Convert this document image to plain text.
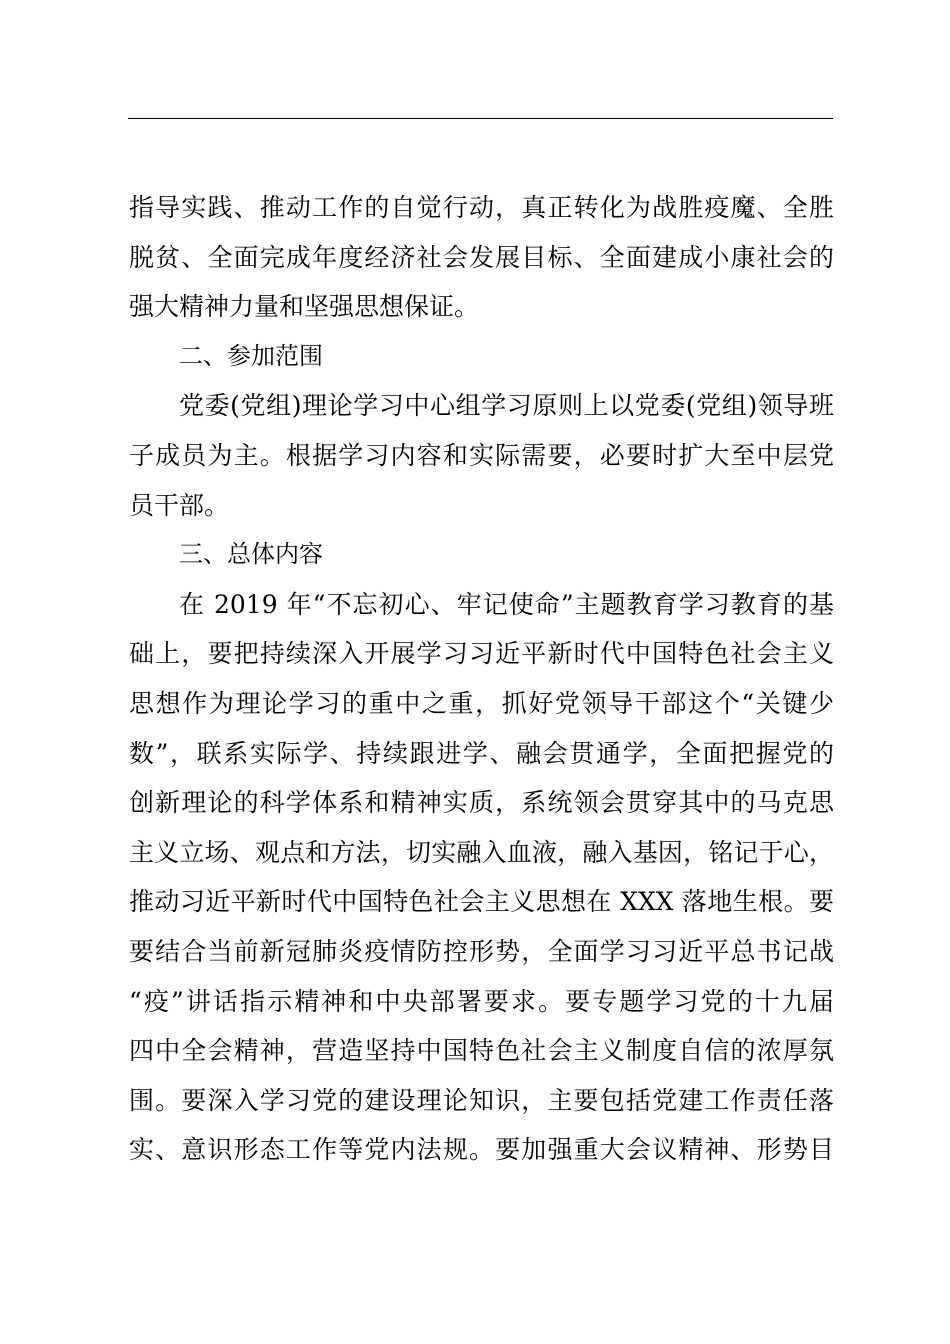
指导实践、推动工作的自觉行动，真正转化为战胜疫魔、全胜
脱贫、全面完成年度经济社会发展目标、全面建成小康社会的
强大精神力量和坚强思想保证。
二、参加范围
党委(党组)理论学习中心组学习原则上以党委(党组)领导班
子成员为主。根据学习内容和实际需要，必要时扩大至中层党
员干部。
三、总体内容
在 2019 年“不忘初心、牢记使命”主题教育学习教育的基
础上，要把持续深入开展学习习近平新时代中国特色社会主义
思想作为理论学习的重中之重，抓好党领导干部这个“关键少
数”，联系实际学、持续跟进学、融会贯通学，全面把握党的
创新理论的科学体系和精神实质，系统领会贯穿其中的马克思
主义立场、观点和方法，切实融入血液，融入基因，铭记于心，
推动习近平新时代中国特色社会主义思想在 XXX 落地生根。要
要结合当前新冠肺炎疫情防控形势，全面学习习近平总书记战
“疫”讲话指示精神和中央部署要求。要专题学习党的十九届
四中全会精神，营造坚持中国特色社会主义制度自信的浓厚氛
围。要深入学习党的建设理论知识，主要包括党建工作责任落
实、意识形态工作等党内法规。要加强重大会议精神、形势目
